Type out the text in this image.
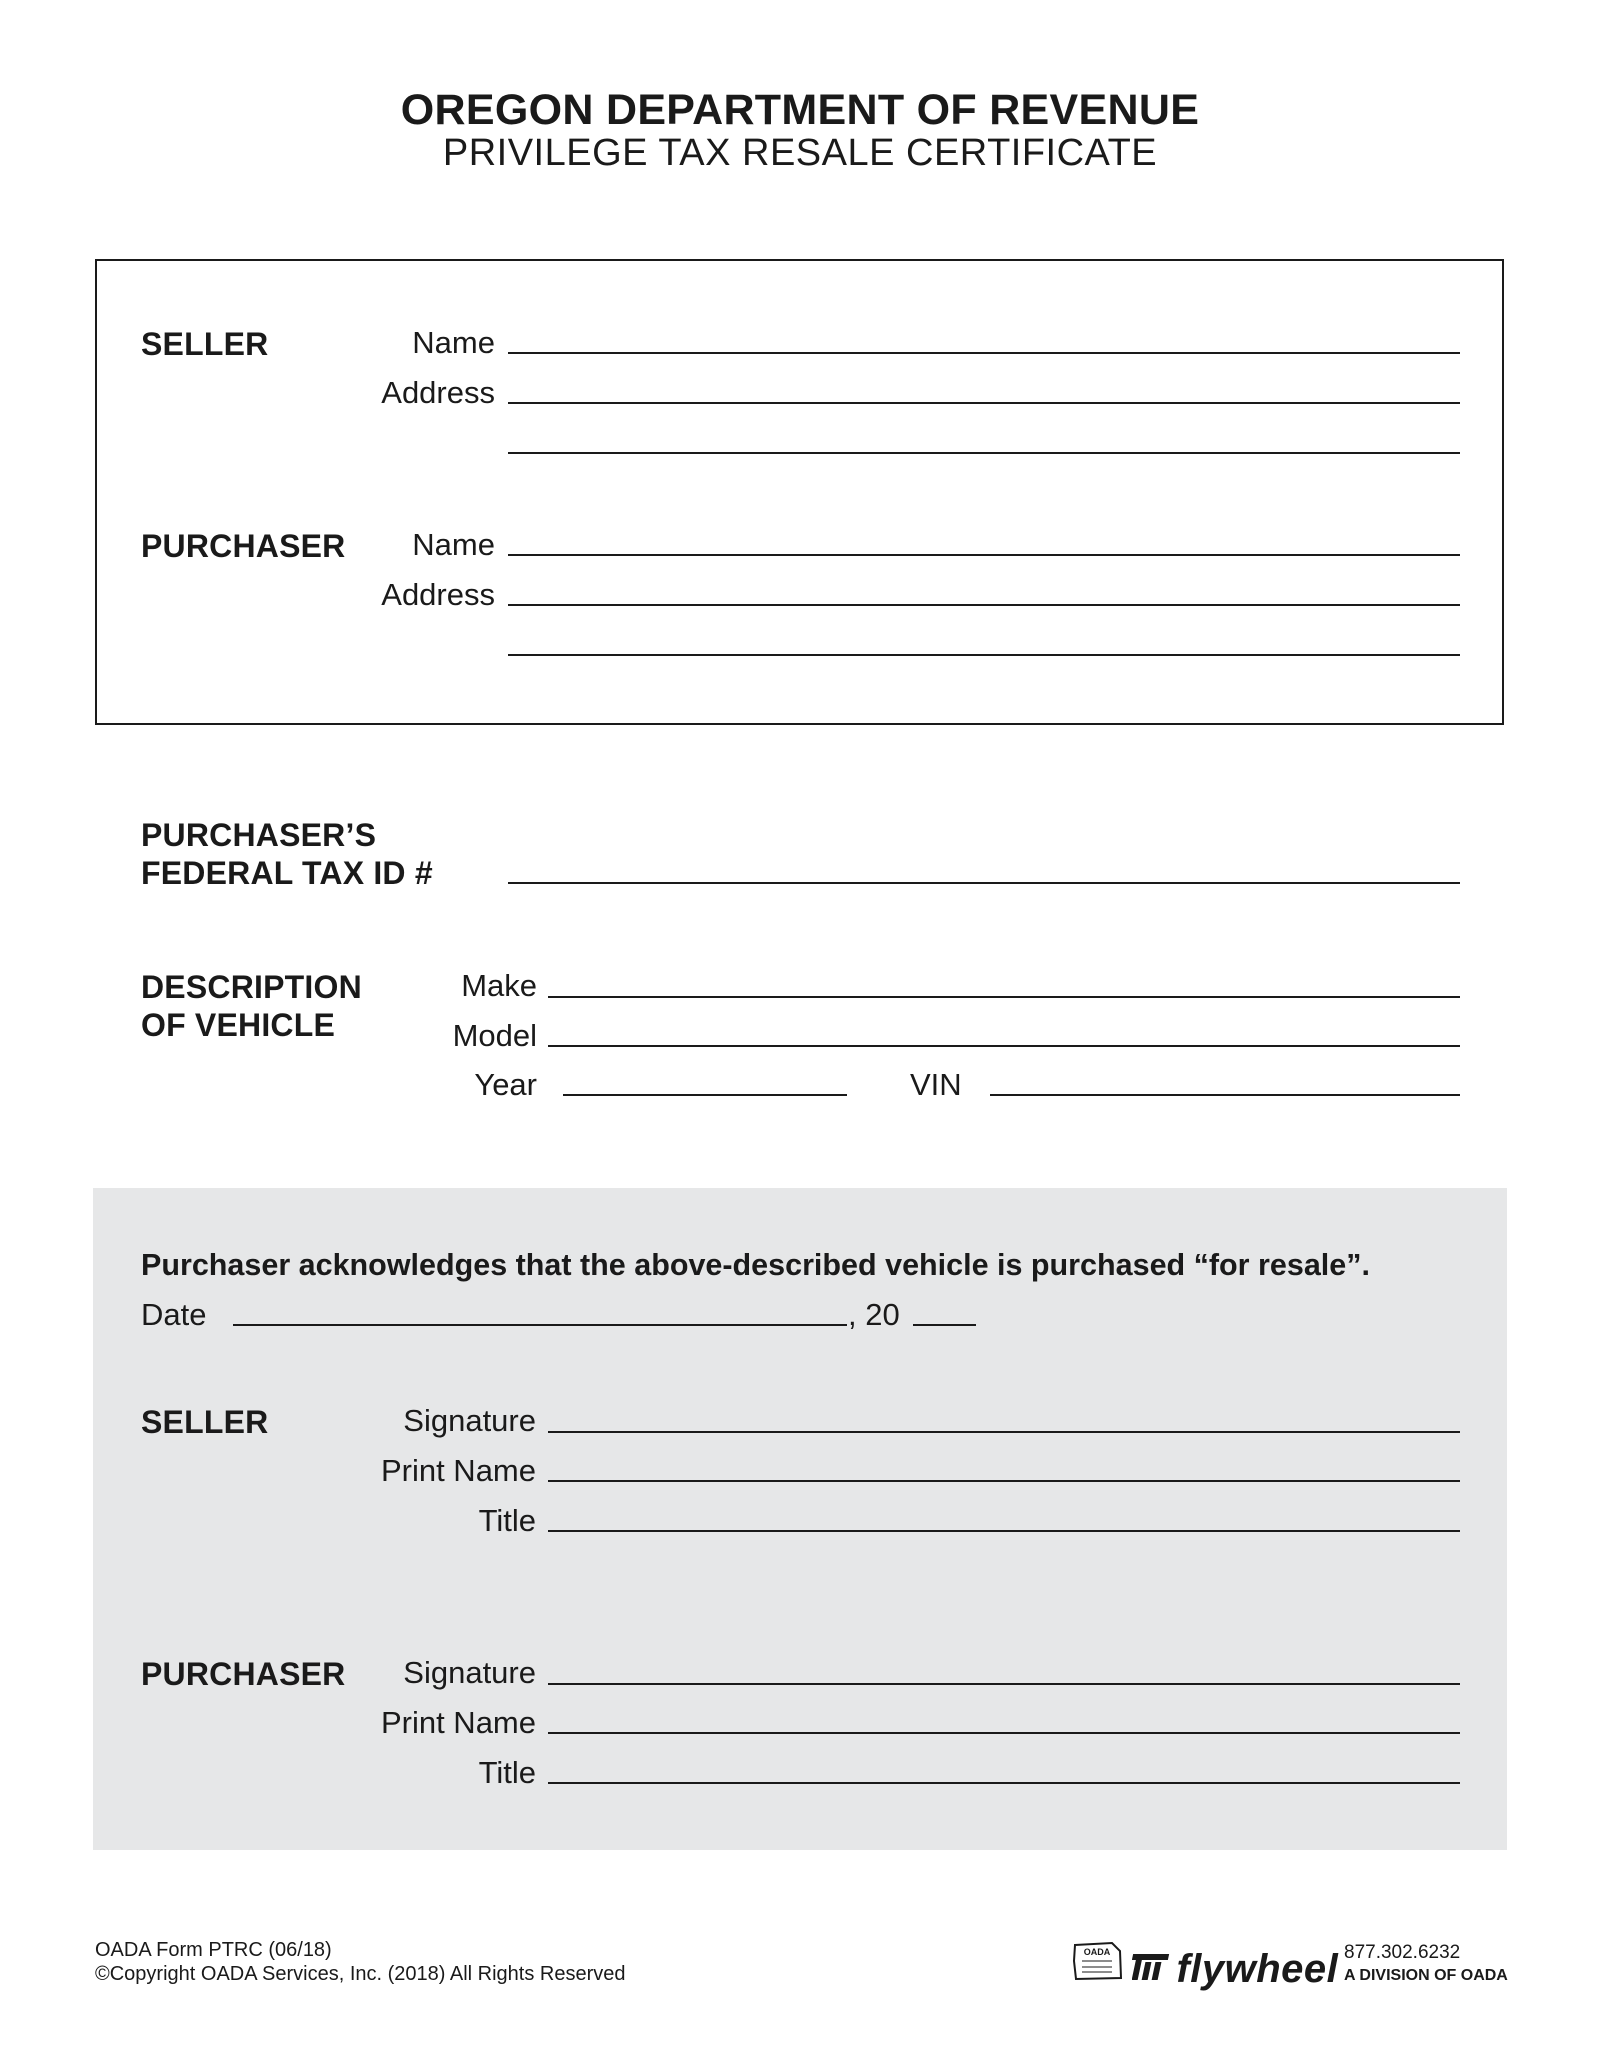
OREGON DEPARTMENT OF REVENUE
PRIVILEGE TAX RESALE CERTIFICATE
SELLER	Name
Address
PURCHASER	Name
Address
PURCHASER’S
FEDERAL TAX ID #
DESCRIPTION
OF VEHICLE
Make
Model
Year	VIN
Purchaser acknowledges that the above-described vehicle is purchased “for resale”.
Date	, 20
SELLER	Signature
Print Name
Title
PURCHASER	Signature
Print Name
Title
OADA Form PTRC (06/18)
©Copyright OADA Services, Inc. (2018) All Rights Reserved
OADA	flywheel 877.302.6232
A DIVISION OF OADA
